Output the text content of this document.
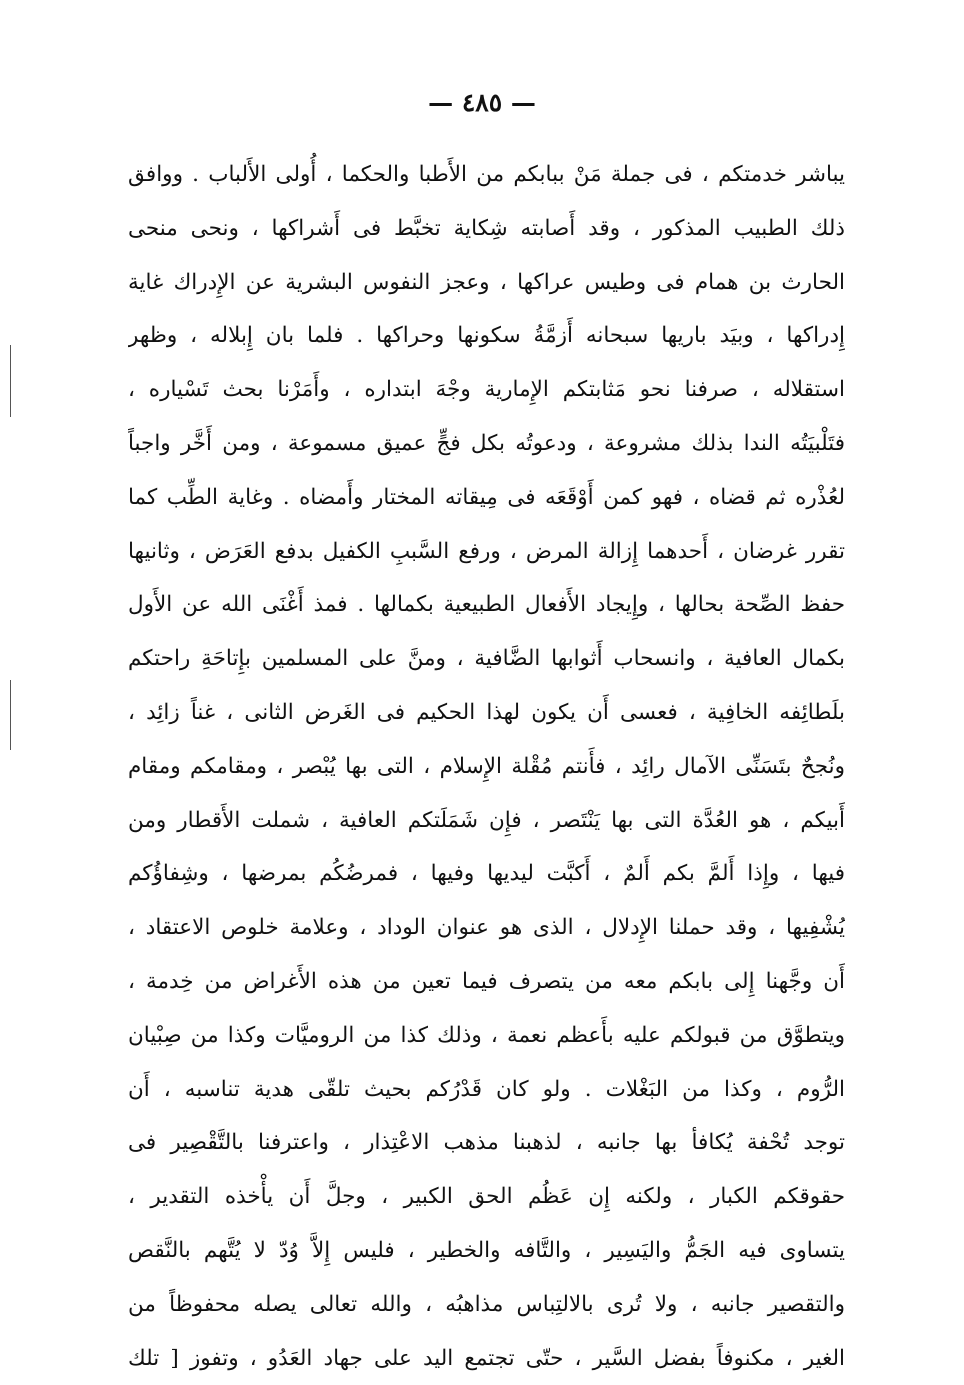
— ٤٨٥ —
يباشر خدمتكم ، فى جملة مَنْ ببابكم من الأَطبا والحكما ، أُولى الأَلباب . ووافق
ذلك الطبيب المذكور ، وقد أَصابته شِكاية تخبَّط فى أَشراكها ، ونحى منحى
الحارث بن همام فى وطيس عراكها ، وعجز النفوس البشرية عن الإِدراك غاية
إِدراكها ، وبيَد باريها سبحانه أَزمَّةُ سكونها وحراكها . فلما بان إِبلاله ، وظهر
استقلاله ، صرفنا نحو مَثابتكم الإِمارية وجْهَ ابتداره ، وأَمَرْنا بحث تَسْياره ،
فتَلْبيَتُه الندا بذلك مشروعة ، ودعوتُه بكل فجٍّ عميق مسموعة ، ومن أَخَّر واجباً
لعُذْره ثم قضاه ، فهو كمن أَوْقَعَه فى مِيقاته المختار وأَمضاه . وغاية الطِّب كما
تقرر غرضان ، أَحدهما إِزالة المرض ، ورفع السَّببِ الكفيل بدفع العَرَض ، وثانيها
حفظ الصِّحة بحالها ، وإِيجاد الأَفعال الطبيعية بكمالها . فمذ أَغْنَى الله عن الأَول
بكمال العافية ، وانسحاب أَثوابها الضَّافية ، ومنَّ على المسلمين بإِتاحَةِ راحتكم
بلَطائِفه الخافِية ، فعسى أَن يكون لهذا الحكيم فى الغَرض الثانى ، غناً زائِد ،
ونُجحٌ بتَسَنِّى الآمال رائِد ، فأَنتم مُقْلة الإِسلام ، التى بها يُبْصر ، ومقامكم ومقام
أَبيكم ، هو العُدَّة التى بها يَنْتَصر ، فإِن شَمَلَتكم العافية ، شملت الأَقطار ومن
فيها ، وإِذا أَلمَّ بكم أَلمٌ ، أَكبَّت ليديها وفيها ، فمرضُكُم بمرضها ، وشِفاؤُكم
يُشْفِيها ، وقد حملنا الإِدلال ، الذى هو عنوان الوداد ، وعلامة خلوص الاعتقاد ،
أَن وجَّهنا إِلى بابكم معه من يتصرف فيما تعين من هذه الأَغراض من خِدمة ،
ويتطوَّق من قبولكم عليه بأَعظم نعمة ، وذلك كذا من الروميَّات وكذا من صِبْيان
الرُّوم ، وكذا من البَغْلات . ولو كان قَدْرُكم بحيث تلقّى هدية تناسبه ، أَن
توجد تُحْفة يُكافأ بها جانبه ، لذهبنا مذهب الاعْتِذار ، واعترفنا بالتَّقْصِير فى
حقوقكم الكبار ، ولكنه إِن عَظُم الحق الكبير ، وجلَّ أَن يأْخذه التقدير ،
يتساوى فيه الجَمُّ واليَسِير ، والتَّافه والخطير ، فليس إِلاَّ وُدّ لا يُتَّهم بالنَّقص
والتقصير جانبه ، ولا تُرى بالالتِباس مذاهبُه ، والله تعالى يصله محفوظاً من
الغير ، مكنوفاً بفضل السَّير ، حتّى تجتمع اليد على جهاد العَدُو ، وتفوز [ تلك
